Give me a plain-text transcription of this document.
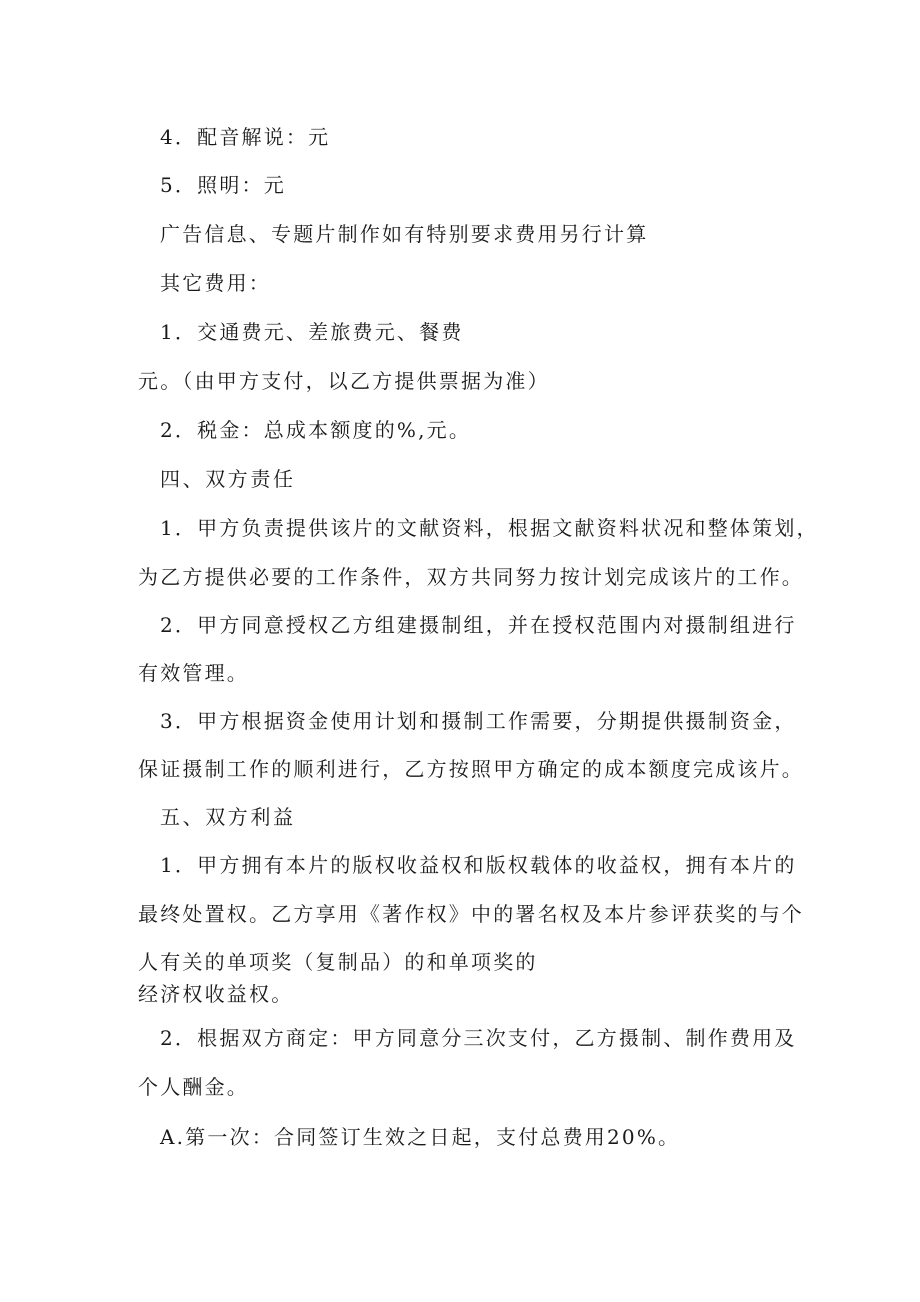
4．配音解说：元
5．照明：元
广告信息、专题片制作如有特别要求费用另行计算
其它费用：
1．交通费元、差旅费元、餐费
元。（由甲方支付，以乙方提供票据为准）
2．税金：总成本额度的%,元。
四、双方责任
1．甲方负责提供该片的文献资料，根据文献资料状况和整体策划，
为乙方提供必要的工作条件，双方共同努力按计划完成该片的工作。
2．甲方同意授权乙方组建摄制组，并在授权范围内对摄制组进行
有效管理。
3．甲方根据资金使用计划和摄制工作需要，分期提供摄制资金，
保证摄制工作的顺利进行，乙方按照甲方确定的成本额度完成该片。
五、双方利益
1．甲方拥有本片的版权收益权和版权载体的收益权，拥有本片的
最终处置权。乙方享用《著作权》中的署名权及本片参评获奖的与个
人有关的单项奖（复制品）的和单项奖的
经济权收益权。
2．根据双方商定：甲方同意分三次支付，乙方摄制、制作费用及
个人酬金。
A.第一次：合同签订生效之日起，支付总费用20%。
